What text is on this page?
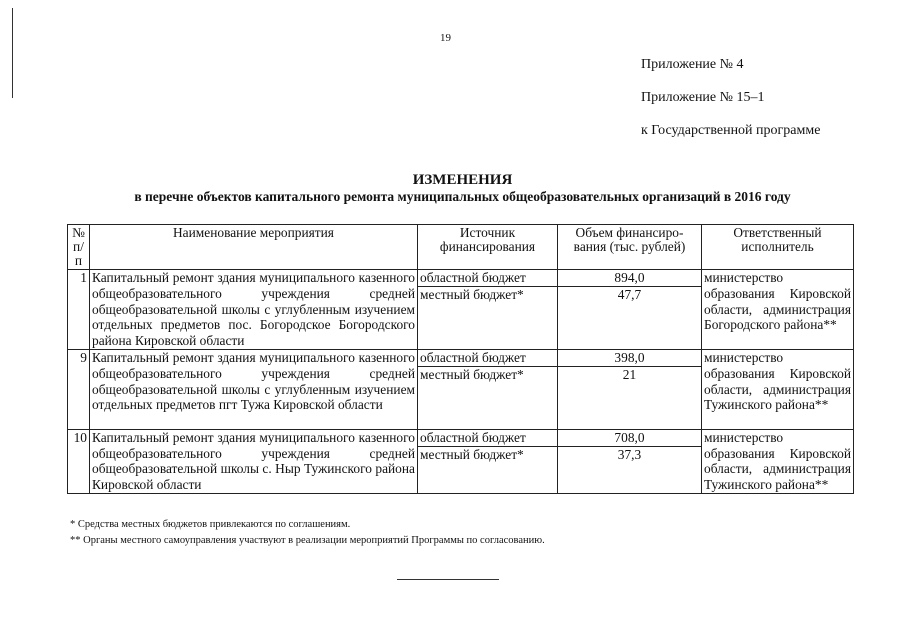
19
Приложение № 4
Приложение № 15–1
к Государственной программе
ИЗМЕНЕНИЯ
в перечне объектов капитального ремонта муниципальных общеобразовательных организаций в 2016 году
№ п/п	Наименование мероприятия	Источник финансирования	Объем финансиро-вания (тыс. рублей)	Ответственный исполнитель
1	Капитальный ремонт здания муниципального казенного общеобразовательного учреждения средней общеобразовательной школы с углубленным изучением отдельных предметов пос. Богородское Богородского района Кировской области	областной бюджет	894,0	министерство образования Кировской области, администрация Богородского района**
		местный бюджет*	47,7	
9	Капитальный ремонт здания муниципального казенного общеобразовательного учреждения средней общеобразовательной школы с углубленным изучением отдельных предметов пгт Тужа Кировской области	областной бюджет	398,0	министерство образования Кировской области, администрация Тужинского района**
		местный бюджет*	21	
10	Капитальный ремонт здания муниципального казенного общеобразовательного учреждения средней общеобразовательной школы с. Ныр Тужинского района Кировской области	областной бюджет	708,0	министерство образования Кировской области, администрация Тужинского района**
		местный бюджет*	37,3	
* Средства местных бюджетов привлекаются по соглашениям.
** Органы местного самоуправления участвуют в реализации мероприятий Программы по согласованию.
